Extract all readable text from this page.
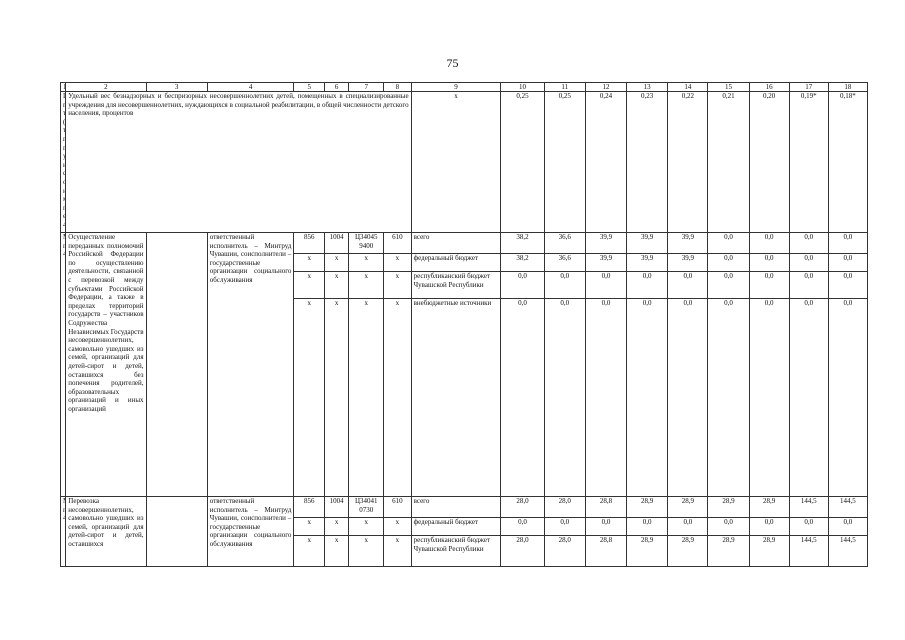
75
	2	3	4	5	6	7	8	9	10	11	12	13	14	15	16	17	18
т ( т г	Удельный вес безнадзорных и беспризорных несовершеннолетних детей, помещенных в специализированные учреждения для несовершеннолетних, нуждающихся в социальной реабилитации, в общей численности детского населения, процентов							x	0,25	0,25	0,24	0,23	0,22	0,21	0,20	0,19*	0,18*
	Осуществление переданных полномочий Российской Федерации по осуществлению деятельности, связанной с перевозкой между субъектами Российской Федерации, а также в пределах территорий государств – участников Содружества Независимых Государств несовершеннолетних, самовольно ушедших из семей, организаций для детей-сирот и детей, оставшихся без попечения родителей, образовательных организаций и иных организаций		ответственный исполнитель – Минтруд Чувашии, соисполнители – государственные организации социального обслуживания	856	1004	Ц34045 9400	610	всего	38,2	36,6	39,9	39,9	39,9	0,0	0,0	0,0	0,0
				x	x	x	x	федеральный бюджет	38,2	36,6	39,9	39,9	39,9	0,0	0,0	0,0	0,0
				x	x	x	x	республиканский бюджет Чувашской Республики	0,0	0,0	0,0	0,0	0,0	0,0	0,0	0,0	0,0
				x	x	x	x	внебюджетные источники	0,0	0,0	0,0	0,0	0,0	0,0	0,0	0,0	0,0
	Перевозка несовершеннолетних, самовольно ушедших из семей, организаций для детей-сирот и детей, оставшихся		ответственный исполнитель – Минтруд Чувашии, соисполнители – государственные организации социального обслуживания	856	1004	Ц34041 0730	610	всего	28,0	28,0	28,8	28,9	28,9	28,9	28,9	144,5	144,5
				x	x	x	x	федеральный бюджет	0,0	0,0	0,0	0,0	0,0	0,0	0,0	0,0	0,0
				x	x	x	x	республиканский бюджет Чувашской Республики	28,0	28,0	28,8	28,9	28,9	28,9	28,9	144,5	144,5
